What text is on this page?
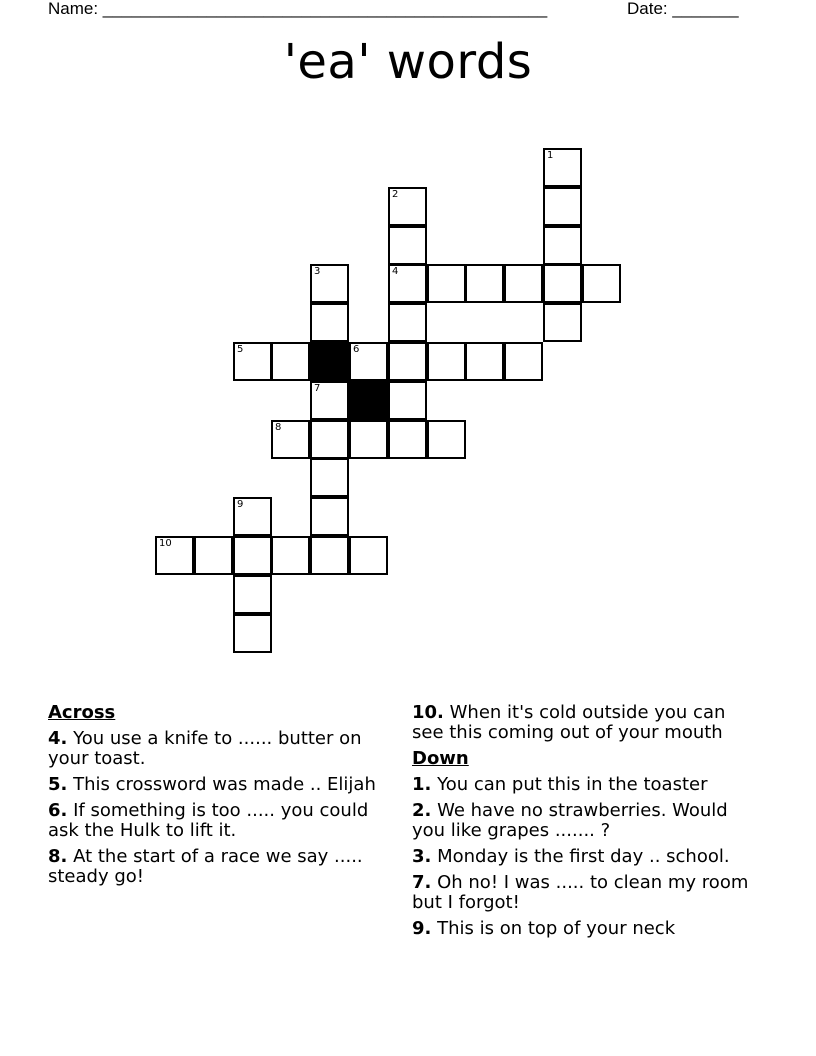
Name: _______________________________________________	Date: _______
'ea' words
1
2
4
3
7
5	6
8
9
10
Across
4. You use a knife to ...... butter on your toast.
5. This crossword was made .. Elijah
6. If something is too ..... you could ask the Hulk to lift it.
8. At the start of a race we say ..... steady go!
10. When it's cold outside you can see this coming out of your mouth
Down
1. You can put this in the toaster
2. We have no strawberries. Would you like grapes ....... ?
3. Monday is the first day .. school.
7. Oh no! I was ..... to clean my room but I forgot!
9. This is on top of your neck
